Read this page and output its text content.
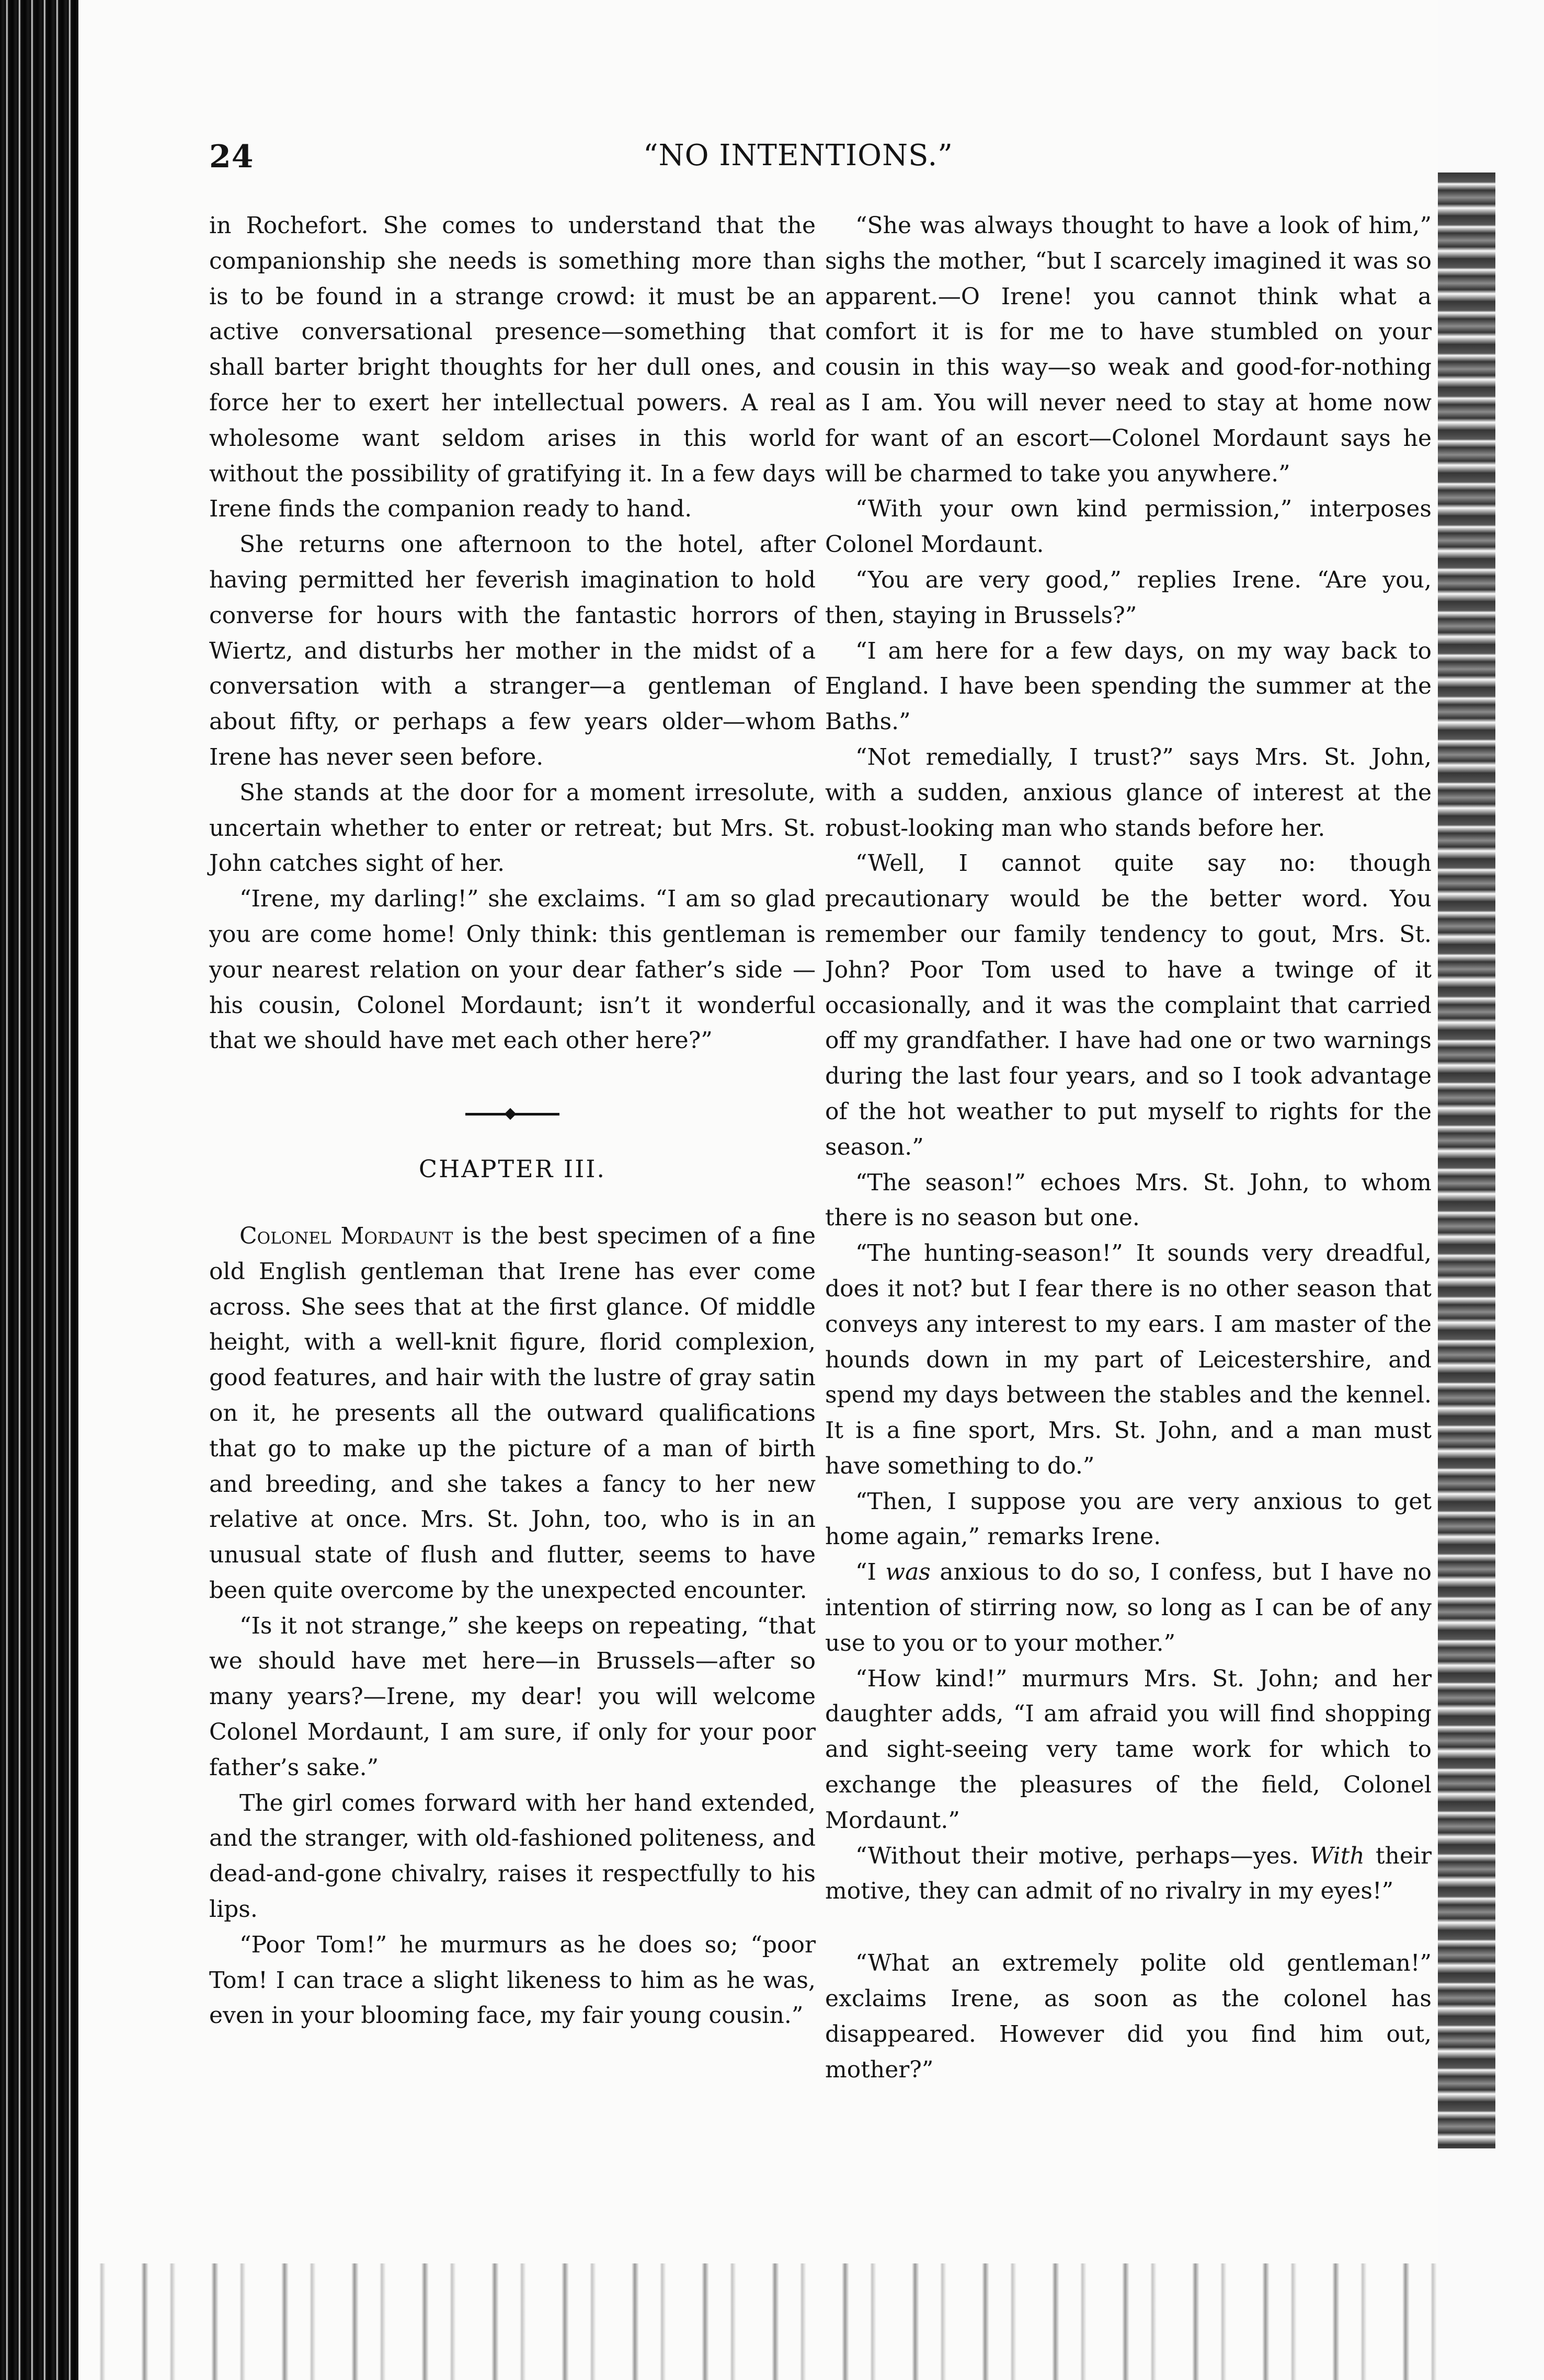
24	“NO INTENTIONS.”

in Rochefort. She comes to understand that the companionship she needs is something more than is to be found in a strange crowd: it must be an active conversational presence—something that shall barter bright thoughts for her dull ones, and force her to exert her intellectual powers. A real wholesome want seldom arises in this world without the possibility of gratifying it. In a few days Irene finds the companion ready to hand.

She returns one afternoon to the hotel, after having permitted her feverish imagination to hold converse for hours with the fantastic horrors of Wiertz, and disturbs her mother in the midst of a conversation with a stranger—a gentleman of about fifty, or perhaps a few years older—whom Irene has never seen before.

She stands at the door for a moment irresolute, uncertain whether to enter or retreat; but Mrs. St. John catches sight of her.

“Irene, my darling!” she exclaims. “I am so glad you are come home! Only think: this gentleman is your nearest relation on your dear father’s side — his cousin, Colonel Mordaunt; isn’t it wonderful that we should have met each other here?”

CHAPTER III.

Colonel Mordaunt is the best specimen of a fine old English gentleman that Irene has ever come across. She sees that at the first glance. Of middle height, with a well-knit figure, florid complexion, good features, and hair with the lustre of gray satin on it, he presents all the outward qualifications that go to make up the picture of a man of birth and breeding, and she takes a fancy to her new relative at once. Mrs. St. John, too, who is in an unusual state of flush and flutter, seems to have been quite overcome by the unexpected encounter.

“Is it not strange,” she keeps on repeating, “that we should have met here—in Brussels—after so many years?—Irene, my dear! you will welcome Colonel Mordaunt, I am sure, if only for your poor father’s sake.”

The girl comes forward with her hand extended, and the stranger, with old-fashioned politeness, and dead-and-gone chivalry, raises it respectfully to his lips.

“Poor Tom!” he murmurs as he does so; “poor Tom! I can trace a slight likeness to him as he was, even in your blooming face, my fair young cousin.”

“She was always thought to have a look of him,” sighs the mother, “but I scarcely imagined it was so apparent.—O Irene! you cannot think what a comfort it is for me to have stumbled on your cousin in this way—so weak and good-for-nothing as I am. You will never need to stay at home now for want of an escort—Colonel Mordaunt says he will be charmed to take you anywhere.”

“With your own kind permission,” interposes Colonel Mordaunt.

“You are very good,” replies Irene. “Are you, then, staying in Brussels?”

“I am here for a few days, on my way back to England. I have been spending the summer at the Baths.”

“Not remedially, I trust?” says Mrs. St. John, with a sudden, anxious glance of interest at the robust-looking man who stands before her.

“Well, I cannot quite say no: though precautionary would be the better word. You remember our family tendency to gout, Mrs. St. John? Poor Tom used to have a twinge of it occasionally, and it was the complaint that carried off my grandfather. I have had one or two warnings during the last four years, and so I took advantage of the hot weather to put myself to rights for the season.”

“The season!” echoes Mrs. St. John, to whom there is no season but one.

“The hunting-season!” It sounds very dreadful, does it not? but I fear there is no other season that conveys any interest to my ears. I am master of the hounds down in my part of Leicestershire, and spend my days between the stables and the kennel. It is a fine sport, Mrs. St. John, and a man must have something to do.”

“Then, I suppose you are very anxious to get home again,” remarks Irene.

“I was anxious to do so, I confess, but I have no intention of stirring now, so long as I can be of any use to you or to your mother.”

“How kind!” murmurs Mrs. St. John; and her daughter adds, “I am afraid you will find shopping and sight-seeing very tame work for which to exchange the pleasures of the field, Colonel Mordaunt.”

“Without their motive, perhaps—yes. With their motive, they can admit of no rivalry in my eyes!”

“What an extremely polite old gentleman!” exclaims Irene, as soon as the colonel has disappeared. However did you find him out, mother?”
